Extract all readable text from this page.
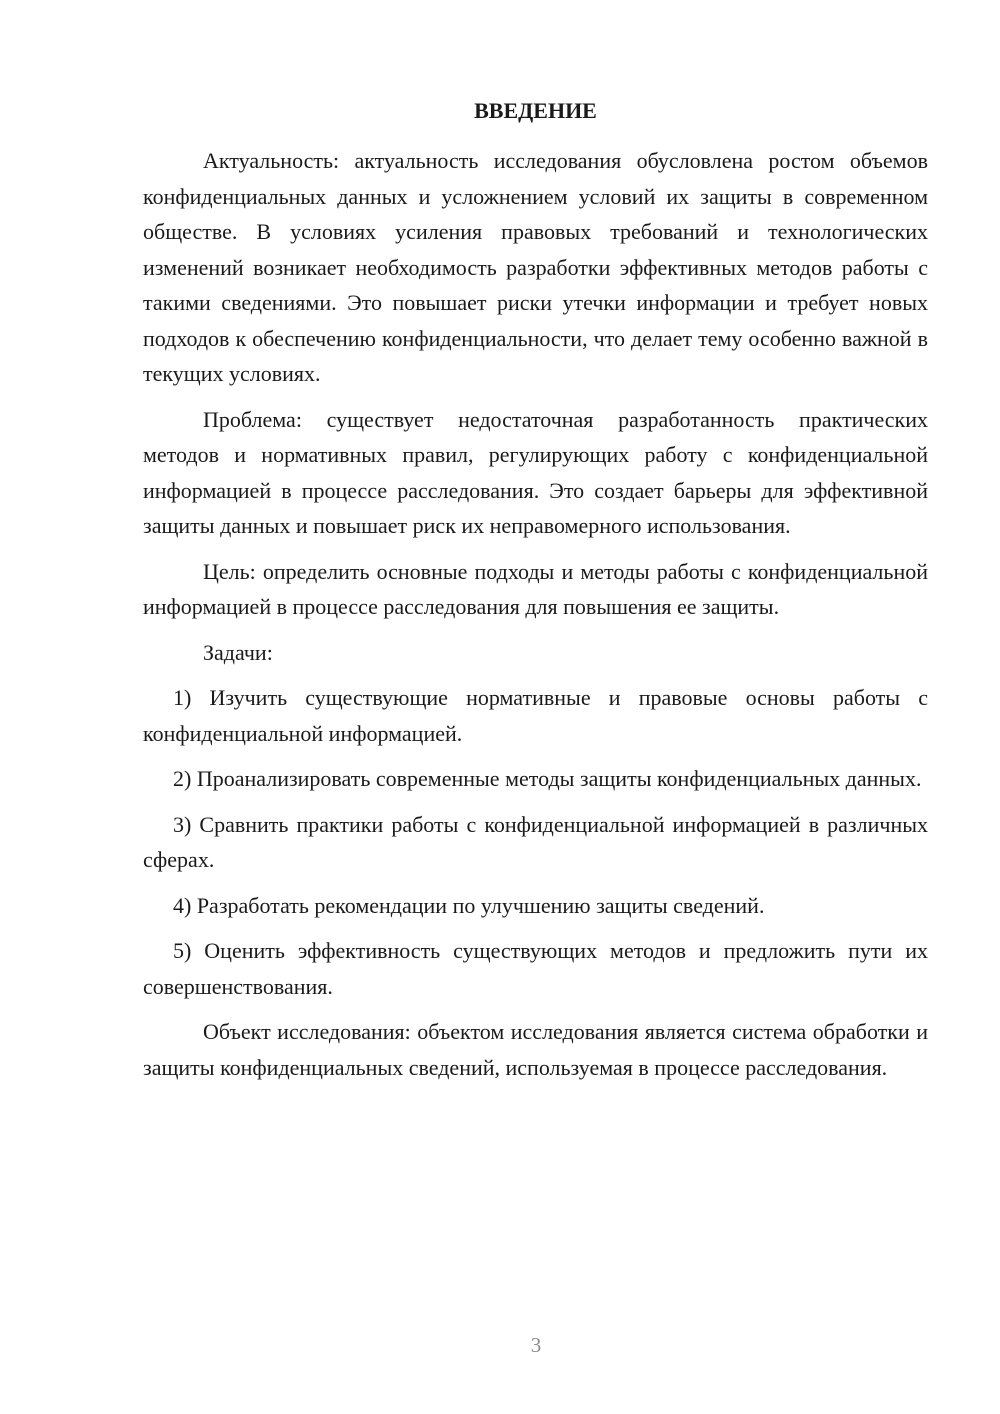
ВВЕДЕНИЕ

Актуальность: актуальность исследования обусловлена ростом объемов конфиденциальных данных и усложнением условий их защиты в современном обществе. В условиях усиления правовых требований и технологических изменений возникает необходимость разработки эффективных методов работы с такими сведениями. Это повышает риски утечки информации и требует новых подходов к обеспечению конфиденциальности, что делает тему особенно важной в текущих условиях.

Проблема: существует недостаточная разработанность практических методов и нормативных правил, регулирующих работу с конфиденциальной информацией в процессе расследования. Это создает барьеры для эффективной защиты данных и повышает риск их неправомерного использования.

Цель: определить основные подходы и методы работы с конфиденциальной информацией в процессе расследования для повышения ее защиты.

Задачи:

1) Изучить существующие нормативные и правовые основы работы с конфиденциальной информацией.

2) Проанализировать современные методы защиты конфиденциальных данных.

3) Сравнить практики работы с конфиденциальной информацией в различных сферах.

4) Разработать рекомендации по улучшению защиты сведений.

5) Оценить эффективность существующих методов и предложить пути их совершенствования.

Объект исследования: объектом исследования является система обработки и защиты конфиденциальных сведений, используемая в процессе расследования.

3
